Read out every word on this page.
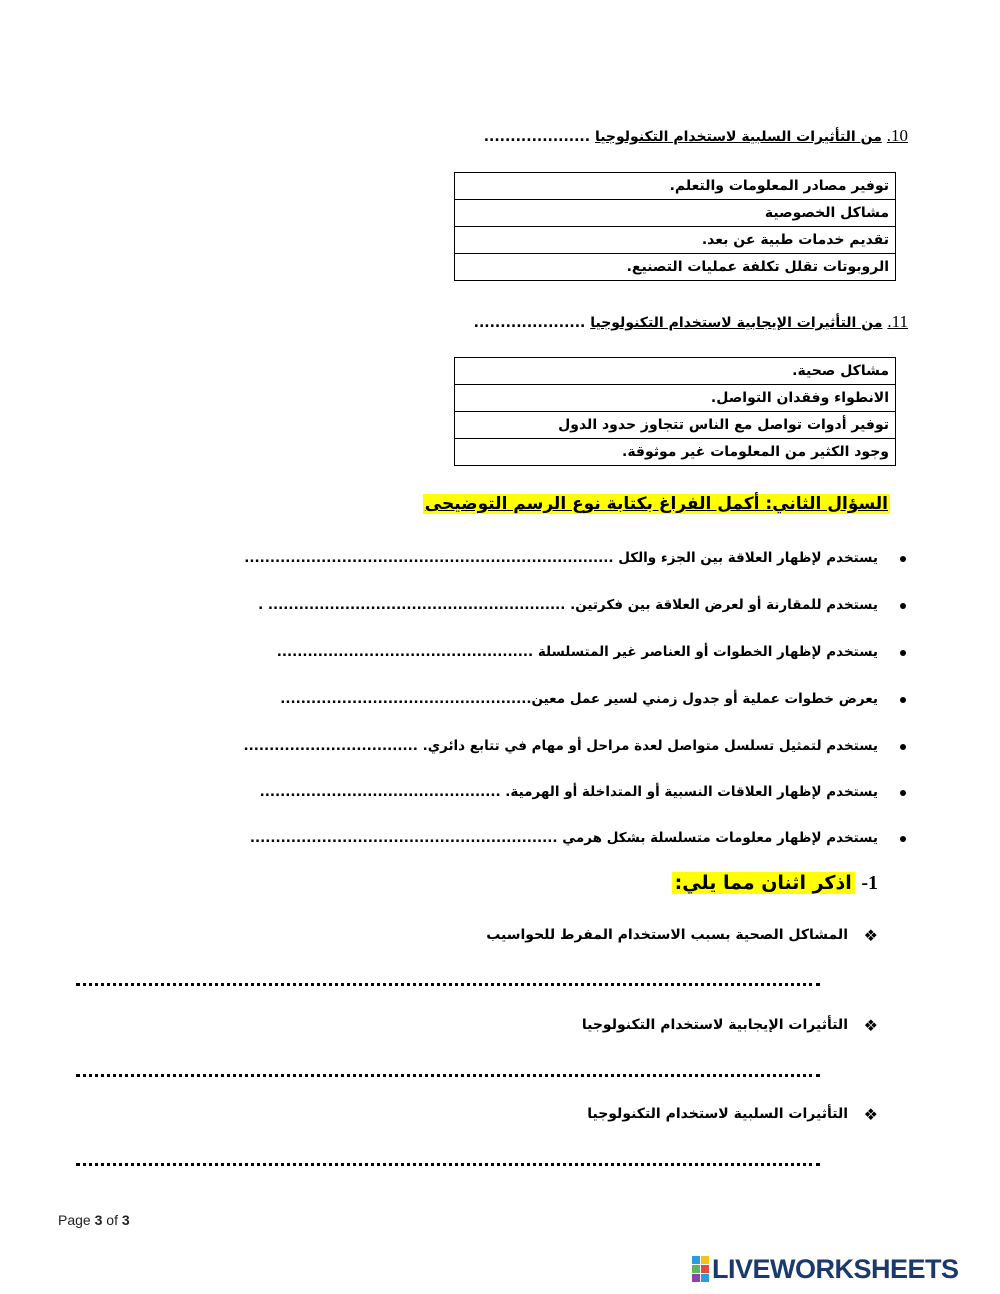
10. من التأثيرات السلبية لاستخدام التكنولوجيا ....................
توفير مصادر المعلومات والتعلم.
مشاكل الخصوصية
تقديم خدمات طبية عن بعد.
الروبوتات تقلل تكلفة عمليات التصنيع.
11. من التأثيرات الإيجابية لاستخدام التكنولوجيا .....................
مشاكل صحية.
الانطواء وفقدان التواصل.
توفير أدوات تواصل مع الناس تتجاوز حدود الدول
وجود الكثير من المعلومات غير موثوقة.
السؤال الثاني: أكمل الفراغ بكتابة نوع الرسم التوضيحى
يستخدم لإظهار العلاقة بين الجزء والكل ........................................................................
يستخدم للمقارنة أو لعرض العلاقة بين فكرتين. .......................................................... .
يستخدم لإظهار الخطوات أو العناصر غير المتسلسلة ..................................................
يعرض خطوات عملية أو جدول زمني لسير عمل معين.................................................
يستخدم لتمثيل تسلسل متواصل لعدة مراحل أو مهام في تتابع دائري. ..................................
يستخدم لإظهار العلاقات النسبية أو المتداخلة أو الهرمية. ...............................................
يستخدم لإظهار معلومات متسلسلة بشكل هرمي ............................................................
1- اذكر اثنان مما يلي:
❖
المشاكل الصحية بسبب الاستخدام المفرط للحواسيب
❖
التأثيرات الإيجابية لاستخدام التكنولوجيا
❖
التأثيرات السلبية لاستخدام التكنولوجيا
Page 3 of 3
LIVEWORKSHEETS
